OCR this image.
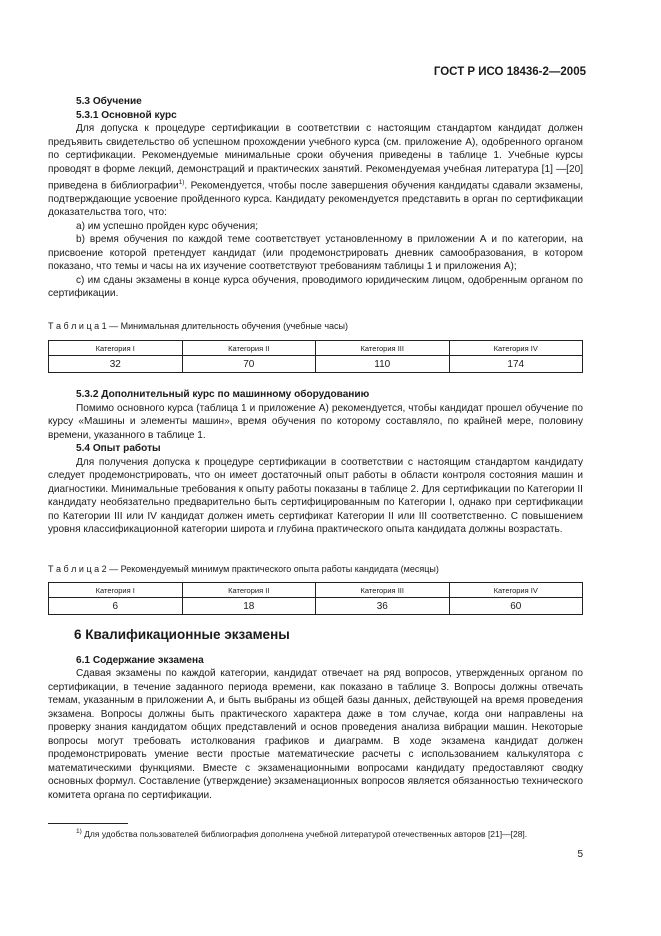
ГОСТ Р ИСО 18436-2—2005

5.3 Обучение

5.3.1 Основной курс

Для допуска к процедуре сертификации в соответствии с настоящим стандартом кандидат должен предъявить свидетельство об успешном прохождении учебного курса (см. приложение А), одобренного органом по сертификации. Рекомендуемые минимальные сроки обучения приведены в таблице 1. Учебные курсы проводят в форме лекций, демонстраций и практических занятий. Рекомендуемая учебная литература [1] —[20] приведена в библиографии$^{1)}$. Рекомендуется, чтобы после завершения обучения кандидаты сдавали экзамены, подтверждающие усвоение пройденного курса. Кандидату рекомендуется представить в орган по сертификации доказательства того, что:

а) им успешно пройден курс обучения;

b) время обучения по каждой теме соответствует установленному в приложении А и по категории, на присвоение которой претендует кандидат (или продемонстрировать дневник самообразования, в котором показано, что темы и часы на их изучение соответствуют требованиям таблицы 1 и приложения А);

с) им сданы экзамены в конце курса обучения, проводимого юридическим лицом, одобренным органом по сертификации.

Т а б л и ц а 1 — Минимальная длительность обучения (учебные часы)

Категория I	Категория II	Категория III	Категория IV
32	70	110	174

5.3.2 Дополнительный курс по машинному оборудованию

Помимо основного курса (таблица 1 и приложение А) рекомендуется, чтобы кандидат прошел обучение по курсу «Машины и элементы машин», время обучения по которому составляло, по крайней мере, половину времени, указанного в таблице 1.

5.4 Опыт работы

Для получения допуска к процедуре сертификации в соответствии с настоящим стандартом кандидату следует продемонстрировать, что он имеет достаточный опыт работы в области контроля состояния машин и диагностики. Минимальные требования к опыту работы показаны в таблице 2. Для сертификации по Категории II кандидату необязательно предварительно быть сертифицированным по Категории I, однако при сертификации по Категории III или IV кандидат должен иметь сертификат Категории II или III соответственно. С повышением уровня классификационной категории широта и глубина практического опыта кандидата должны возрастать.

Т а б л и ц а 2 — Рекомендуемый минимум практического опыта работы кандидата (месяцы)

Категория I	Категория II	Категория III	Категория IV
6	18	36	60

6 Квалификационные экзамены

6.1 Содержание экзамена

Сдавая экзамены по каждой категории, кандидат отвечает на ряд вопросов, утвержденных органом по сертификации, в течение заданного периода времени, как показано в таблице 3. Вопросы должны отвечать темам, указанным в приложении А, и быть выбраны из общей базы данных, действующей на время проведения экзамена. Вопросы должны быть практического характера даже в том случае, когда они направлены на проверку знания кандидатом общих представлений и основ проведения анализа вибрации машин. Некоторые вопросы могут требовать истолкования графиков и диаграмм. В ходе экзамена кандидат должен продемонстрировать умение вести простые математические расчеты с использованием калькулятора с математическими функциями. Вместе с экзаменационными вопросами кандидату предоставляют сводку основных формул. Составление (утверждение) экзаменационных вопросов является обязанностью технического комитета органа по сертификации.

$^{1)}$ Для удобства пользователей библиография дополнена учебной литературой отечественных авторов [21]—[28].
5
